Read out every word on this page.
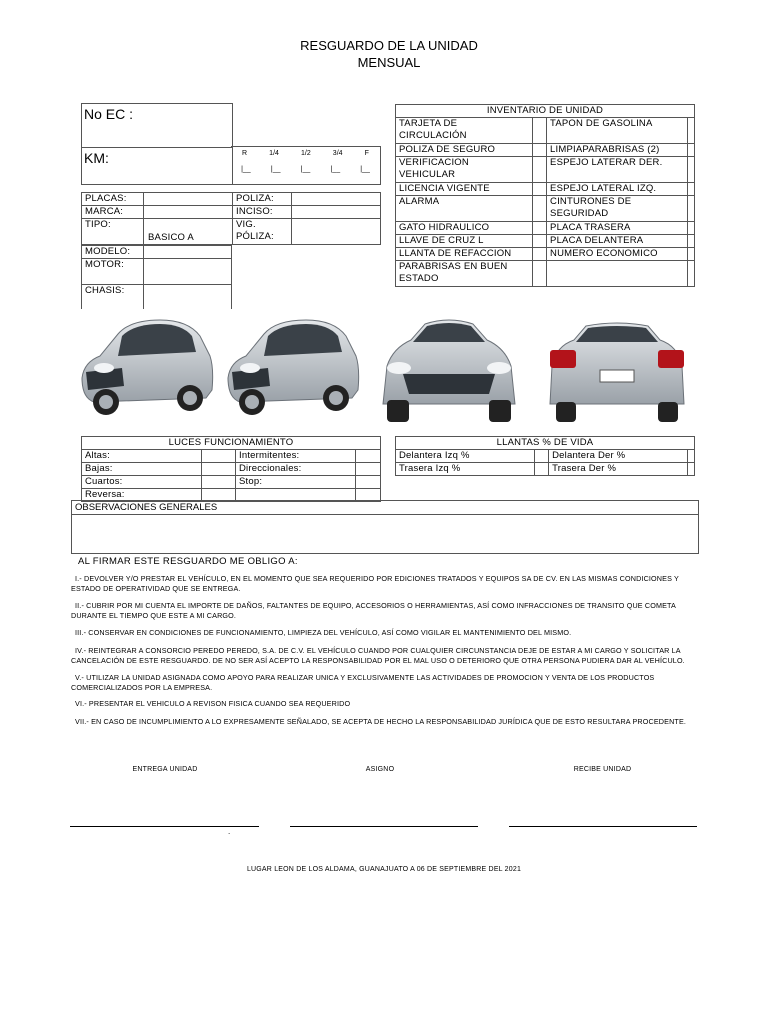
RESGUARDO DE LA UNIDAD
MENSUAL
No EC :
KM:	R	1/4	1/2	3/4	F
|__	|__	|__	|__	|__
PLACAS:		POLIZA:	
MARCA:		INCISO:	
TIPO:	BASICO A	VIG.
PÓLIZA:	

MODELO:	
MOTOR:	
CHASIS:	
INVENTARIO DE UNIDAD			
TARJETA DE
CIRCULACIÓN		TAPON DE GASOLINA	
POLIZA DE SEGURO		LIMPIAPARABRISAS (2)	
VERIFICACION
VEHICULAR		ESPEJO LATERAR DER.	
LICENCIA VIGENTE		ESPEJO LATERAL IZQ.	
ALARMA		CINTURONES DE
SEGURIDAD	
GATO HIDRAULICO		PLACA TRASERA	
LLAVE DE CRUZ L		PLACA DELANTERA	
LLANTA DE REFACCION		NUMERO ECONOMICO	
PARABRISAS EN BUEN
ESTADO			
LUCES FUNCIONAMIENTO			
Altas:		Intermitentes:	
Bajas:		Direccionales:	
Cuartos:		Stop:	
Reversa:			
LLANTAS % DE VIDA			
Delantera Izq %		Delantera Der %	
Trasera Izq %		Trasera Der %	
OBSERVACIONES GENERALES
AL FIRMAR ESTE RESGUARDO ME OBLIGO A:
I.- DEVOLVER Y/O PRESTAR EL VEHÍCULO, EN EL MOMENTO QUE SEA REQUERIDO POR EDICIONES TRATADOS Y EQUIPOS SA DE CV. EN LAS MISMAS CONDICIONES Y ESTADO DE OPERATIVIDAD QUE SE ENTREGA.
II.- CUBRIR POR MI CUENTA EL IMPORTE DE DAÑOS, FALTANTES DE EQUIPO, ACCESORIOS O HERRAMIENTAS, ASÍ COMO INFRACCIONES DE TRANSITO QUE COMETA DURANTE EL TIEMPO QUE ESTE A MI CARGO.
III.- CONSERVAR EN CONDICIONES DE FUNCIONAMIENTO, LIMPIEZA DEL VEHÍCULO, ASÍ COMO VIGILAR EL MANTENIMIENTO DEL MISMO.
IV.- REINTEGRAR A CONSORCIO PEREDO PEREDO, S.A. DE C.V. EL VEHÍCULO CUANDO POR CUALQUIER CIRCUNSTANCIA DEJE DE ESTAR A MI CARGO Y SOLICITAR LA CANCELACIÓN DE ESTE RESGUARDO. DE NO SER ASÍ ACEPTO LA RESPONSABILIDAD POR EL MAL USO O DETERIORO QUE OTRA PERSONA PUDIERA DAR AL VEHÍCULO.
V.- UTILIZAR LA UNIDAD ASIGNADA COMO APOYO PARA REALIZAR UNICA Y EXCLUSIVAMENTE LAS ACTIVIDADES DE PROMOCION Y VENTA DE LOS PRODUCTOS COMERCIALIZADOS POR LA EMPRESA.
VI.- PRESENTAR EL VEHICULO A REVISON FISICA CUANDO SEA REQUERIDO
VII.- EN CASO DE INCUMPLIMIENTO A LO EXPRESAMENTE SEÑALADO, SE ACEPTA DE HECHO LA RESPONSABILIDAD JURÍDICA QUE DE ESTO RESULTARA PROCEDENTE.
ENTREGA UNIDAD	ASIGNO	RECIBE UNIDAD
.
LUGAR LEON DE LOS ALDAMA, GUANAJUATO A 06 DE SEPTIEMBRE DEL 2021
